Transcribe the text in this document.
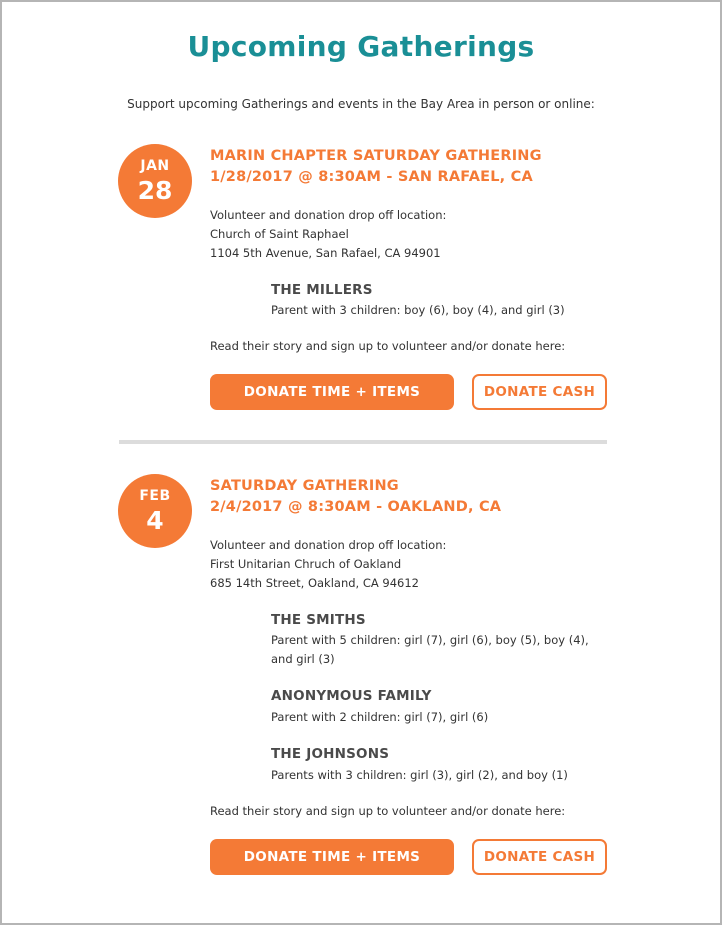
Upcoming Gatherings

Support upcoming Gatherings and events in the Bay Area in person or online:

JAN
28
MARIN CHAPTER SATURDAY GATHERING
1/28/2017 @ 8:30AM - SAN RAFAEL, CA
Volunteer and donation drop off location:
Church of Saint Raphael
1104 5th Avenue, San Rafael, CA 94901
THE MILLERS
Parent with 3 children: boy (6), boy (4), and girl (3)
Read their story and sign up to volunteer and/or donate here:
DONATE TIME + ITEMS	DONATE CASH
FEB
4
SATURDAY GATHERING
2/4/2017 @ 8:30AM - OAKLAND, CA
Volunteer and donation drop off location:
First Unitarian Chruch of Oakland
685 14th Street, Oakland, CA 94612
THE SMITHS
Parent with 5 children: girl (7), girl (6), boy (5), boy (4), and girl (3)
ANONYMOUS FAMILY
Parent with 2 children: girl (7), girl (6)
THE JOHNSONS
Parents with 3 children: girl (3), girl (2), and boy (1)
Read their story and sign up to volunteer and/or donate here:
DONATE TIME + ITEMS	DONATE CASH
